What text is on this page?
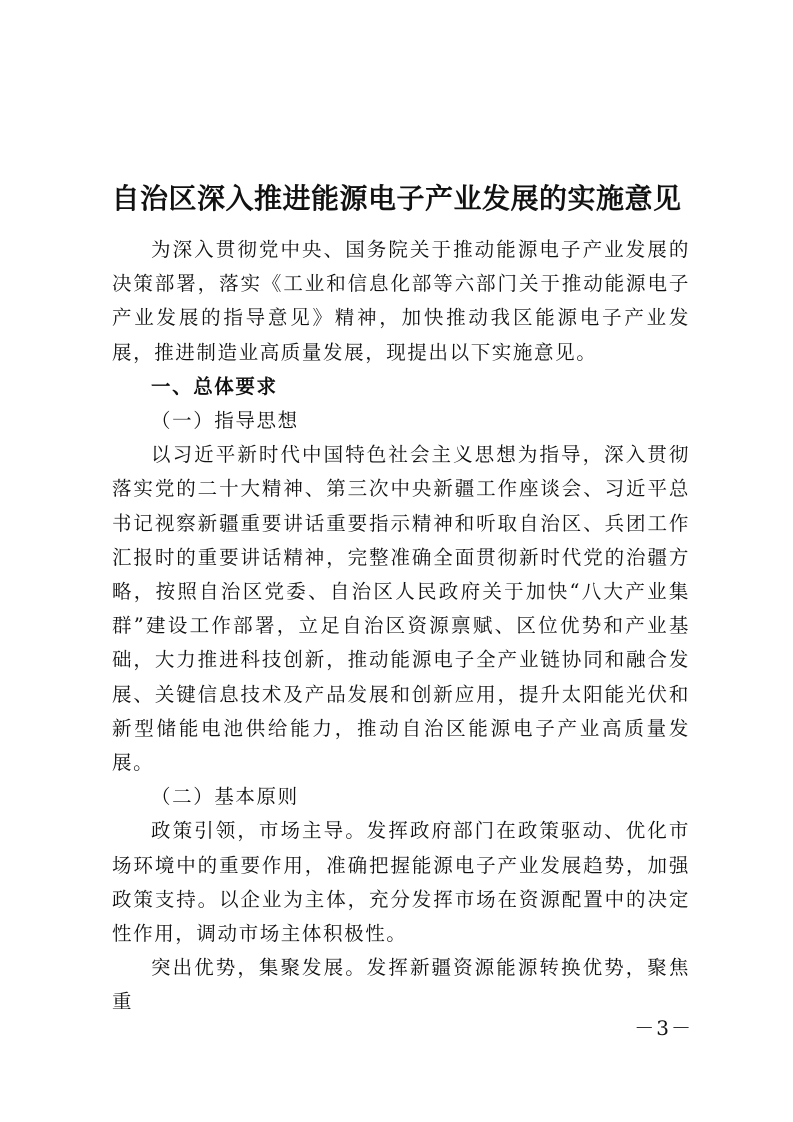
自治区深入推进能源电子产业发展的实施意见

为深入贯彻党中央、国务院关于推动能源电子产业发展的决策部署，落实《工业和信息化部等六部门关于推动能源电子产业发展的指导意见》精神，加快推动我区能源电子产业发展，推进制造业高质量发展，现提出以下实施意见。

一、总体要求

（一）指导思想

以习近平新时代中国特色社会主义思想为指导，深入贯彻落实党的二十大精神、第三次中央新疆工作座谈会、习近平总书记视察新疆重要讲话重要指示精神和听取自治区、兵团工作汇报时的重要讲话精神，完整准确全面贯彻新时代党的治疆方略，按照自治区党委、自治区人民政府关于加快“八大产业集群”建设工作部署，立足自治区资源禀赋、区位优势和产业基础，大力推进科技创新，推动能源电子全产业链协同和融合发展、关键信息技术及产品发展和创新应用，提升太阳能光伏和新型储能电池供给能力，推动自治区能源电子产业高质量发展。

（二）基本原则

政策引领，市场主导。发挥政府部门在政策驱动、优化市场环境中的重要作用，准确把握能源电子产业发展趋势，加强政策支持。以企业为主体，充分发挥市场在资源配置中的决定性作用，调动市场主体积极性。

突出优势，集聚发展。发挥新疆资源能源转换优势，聚焦重

－3－
